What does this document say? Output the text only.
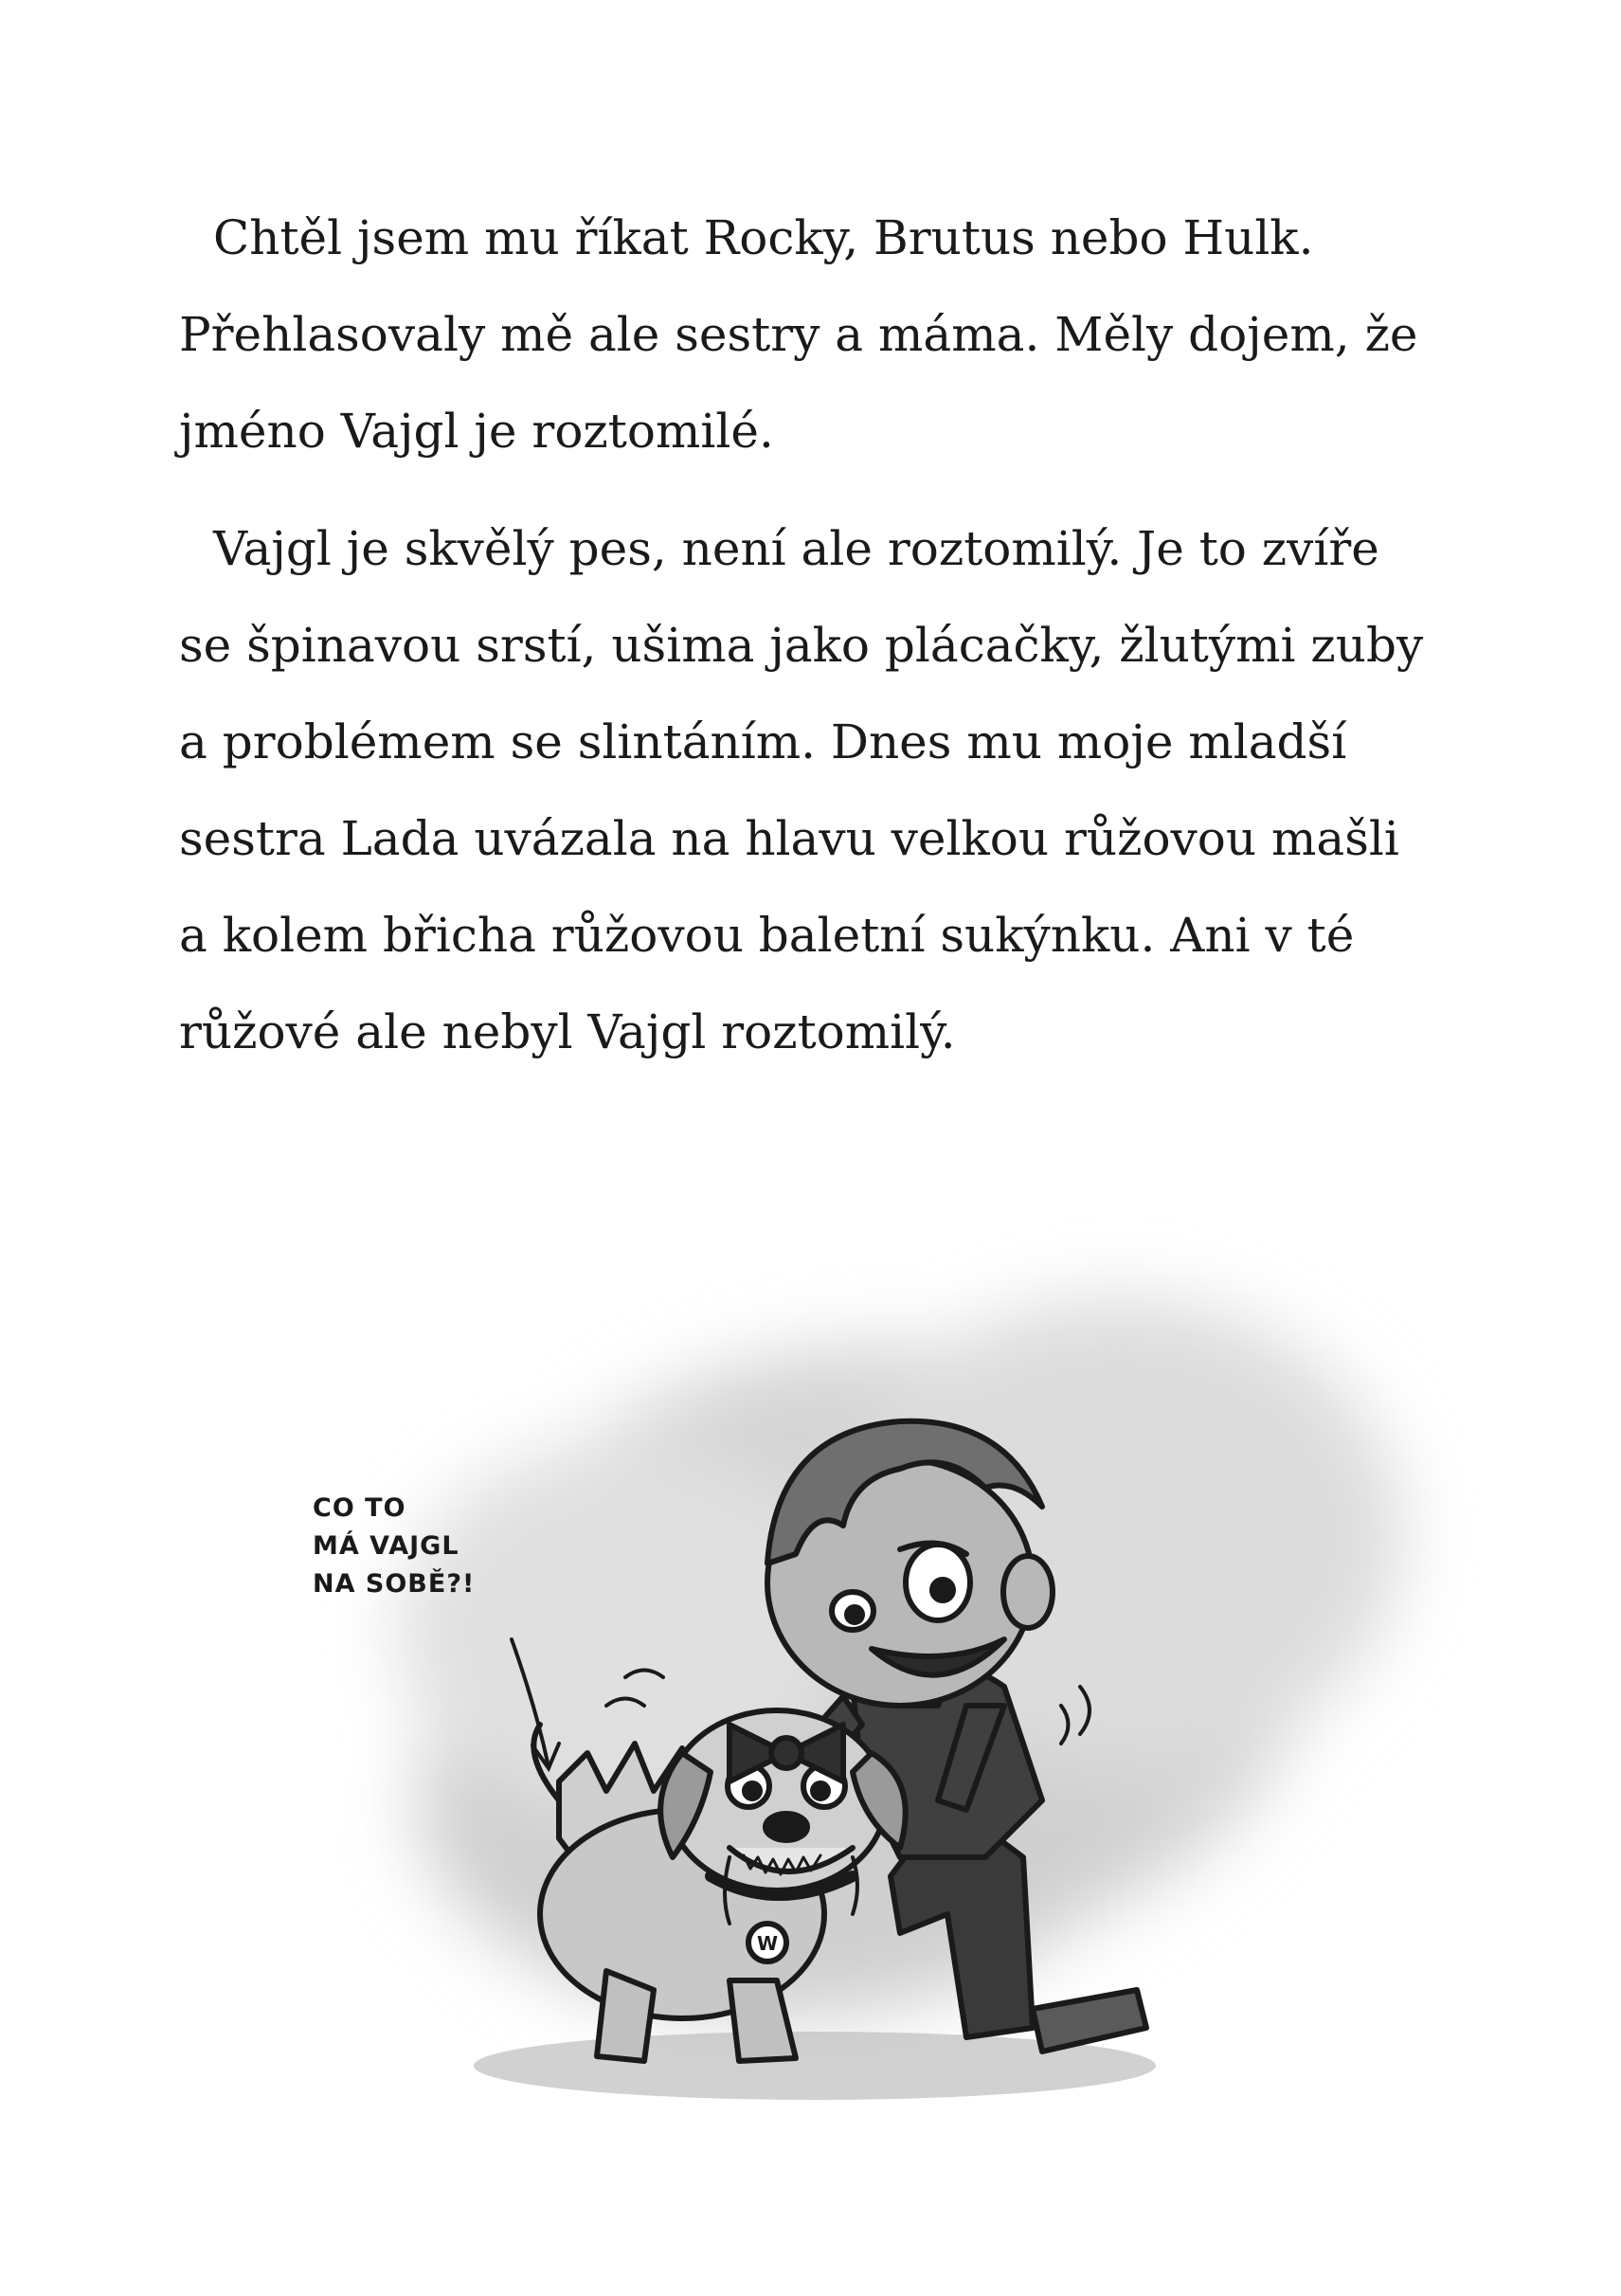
Chtěl jsem mu říkat Rocky, Brutus nebo Hulk.
Přehlasovaly mě ale sestry a máma. Měly dojem, že
jméno Vajgl je roztomilé.

Vajgl je skvělý pes, není ale roztomilý. Je to zvíře
se špinavou srstí, ušima jako plácačky, žlutými zuby
a problémem se slintáním. Dnes mu moje mladší
sestra Lada uvázala na hlavu velkou růžovou mašli
a kolem břicha růžovou baletní sukýnku. Ani v té
růžové ale nebyl Vajgl roztomilý.

CO TO
MÁ VAJGL
NA SOBĚ?!
W
